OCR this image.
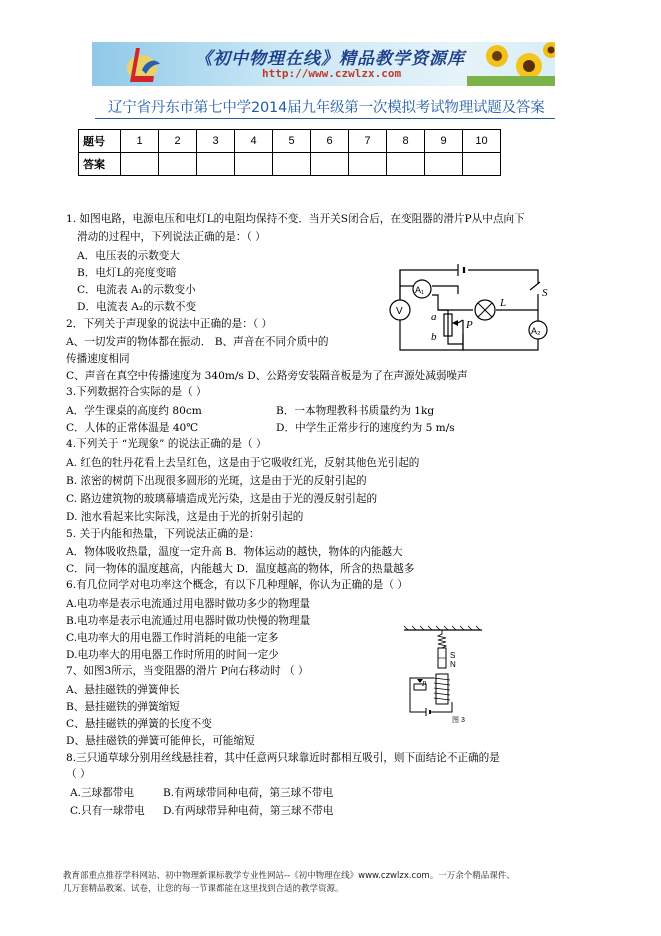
《初中物理在线》精品教学资源库
http://www.czwlzx.com
辽宁省丹东市第七中学2014届九年级第一次模拟考试物理试题及答案
题号	1	2	3	4	5	6	7	8	9	10
答案										
1. 如图电路，电源电压和电灯L的电阻均保持不变．当开关S闭合后，在变阻器的滑片P从中点向下
滑动的过程中，下列说法正确的是：（ ）
A．电压表的示数变大
B．电灯L的亮度变暗
C．电流表 A₁的示数变小
D．电流表 A₂的示数不变	V
A₁
A₂
L
S
a
b
P
2．下列关于声现象的说法中正确的是：（ ）
A、一切发声的物体都在振动． B、声音在不同介质中的
传播速度相同
C、声音在真空中传播速度为 340m/s D、公路旁安装隔音板是为了在声源处减弱噪声
3.下列数据符合实际的是（ ）
A．学生课桌的高度约 80cm	B．一本物理教科书质量约为 1kg
C．人体的正常体温是 40℃	D．中学生正常步行的速度约为 5 m/s
4.下列关于 “光现象” 的说法正确的是（ ）
A. 红色的牡丹花看上去呈红色，这是由于它吸收红光，反射其他色光引起的
B. 浓密的树荫下出现很多圆形的光斑，这是由于光的反射引起的
C. 路边建筑物的玻璃幕墙造成光污染，这是由于光的漫反射引起的
D. 池水看起来比实际浅，这是由于光的折射引起的
5. 关于内能和热量，下列说法正确的是：
A．物体吸收热量，温度一定升高 B．物体运动的越快，物体的内能越大
C．同一物体的温度越高，内能越大 D．温度越高的物体，所含的热量越多
6.有几位同学对电功率这个概念，有以下几种理解，你认为正确的是（ ）
A.电功率是表示电流通过用电器时做功多少的物理量
B.电功率是表示电流通过用电器时做功快慢的物理量
C.电功率大的用电器工作时消耗的电能一定多
D.电功率大的用电器工作时所用的时间一定少	S
N
P
图 3
7、如图3所示，当变阻器的滑片 P向右移动时 （ ）
A、悬挂磁铁的弹簧伸长
B、悬挂磁铁的弹簧缩短
C、悬挂磁铁的弹簧的长度不变
D、悬挂磁铁的弹簧可能伸长，可能缩短
8.三只通草球分别用丝线悬挂着，其中任意两只球靠近时都相互吸引，则下面结论不正确的是
（ ）
A.三球都带电	B.有两球带同种电荷，第三球不带电
C.只有一球带电 D.有两球带异种电荷，第三球不带电
教育部重点推荐学科网站、初中物理新课标教学专业性网站--《初中物理在线》www.czwlzx.com。一万余个精品课件、
几万套精品教案、试卷，让您的每一节课都能在这里找到合适的教学资源。
